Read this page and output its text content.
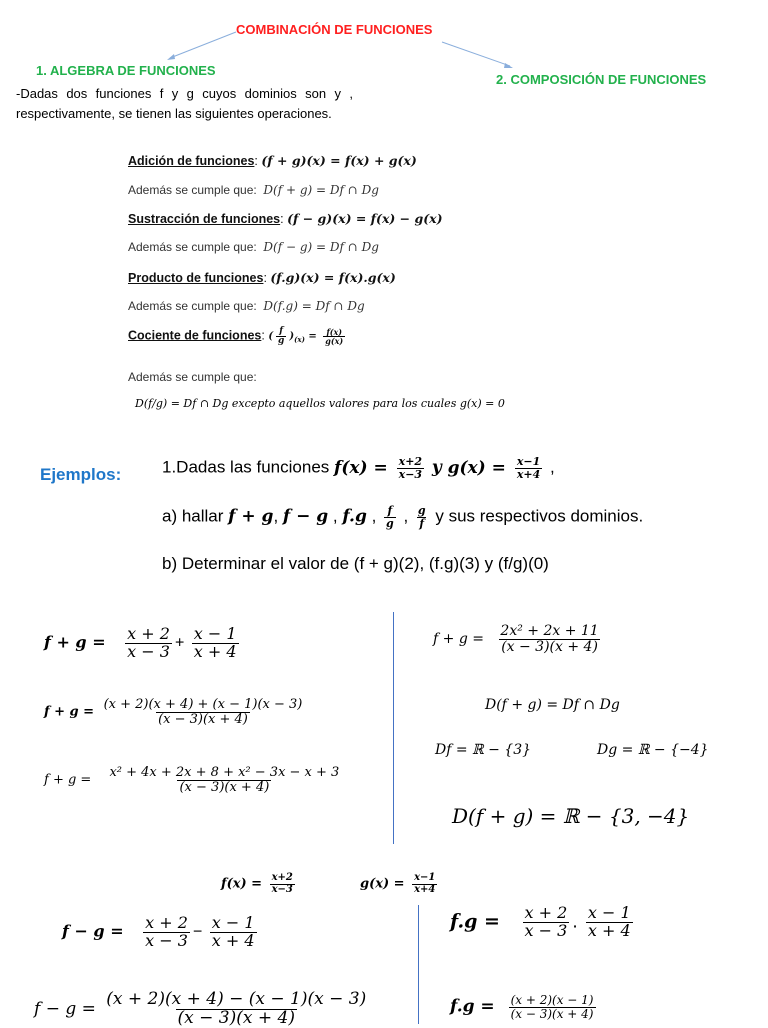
COMBINACIÓN DE FUNCIONES
1. ALGEBRA DE FUNCIONES
2. COMPOSICIÓN DE FUNCIONES
-Dadas dos funciones f y g cuyos dominios son y , respectivamente, se tienen las siguientes operaciones.
Adición de funciones: (f + g)(x) = f(x) + g(x)
Además se cumple que: D(f + g) = Df ∩ Dg
Sustracción de funciones: (f − g)(x) = f(x) − g(x)
Además se cumple que: D(f − g) = Df ∩ Dg
Producto de funciones: (f.g)(x) = f(x).g(x)
Además se cumple que: D(f.g) = Df ∩ Dg
Cociente de funciones: ( $\frac{f}{g} )_{(x)} = \frac{f(x)}{g(x)}$
Además se cumple que:
D(f/g) = Df ∩ Dg excepto aquellos valores para los cuales g(x) = 0
Ejemplos: 1.Dadas las funciones $f(x) = \frac{x+2}{x-3}$ y $g(x) = \frac{x-1}{x+4}$ ,
a) hallar f + g, f − g , f.g , $\frac{f}{g}$ , $\frac{g}{f}$ y sus respectivos dominios.
b) Determinar el valor de (f + g)(2), (f.g)(3) y (f/g)(0)
$f + g = \frac{x + 2}{x - 3} + \frac{x - 1}{x + 4}$
$f + g = \frac{(x + 2)(x + 4) + (x - 1)(x - 3)}{(x - 3)(x + 4)}$
$f + g = \frac{\text{x² + 4x + 2x + 8 + x² − 3x − x + 3}}{(x - 3)(x + 4)}$
$f + g = \frac{\text{2x² + 2x + 11}}{(x - 3)(x + 4)}$
D(f + g) = Df ∩ Dg
Df = ℝ − {3}	Dg = ℝ − {−4}
D(f + g) = ℝ − {3, −4}
$f(x) = \frac{x+2}{x-3}$	$g(x) = \frac{x-1}{x+4}$
$f - g = \frac{x + 2}{x - 3} - \frac{x - 1}{x + 4}$
$f - g = \frac{(x + 2)(x + 4) - (x - 1)(x - 3)}{(x - 3)(x + 4)}$
$f.g = \frac{x + 2}{x - 3}$ . $\frac{x - 1}{x + 4}$
$f.g = \frac{(x + 2)(x - 1)}{(x - 3)(x + 4)}$
